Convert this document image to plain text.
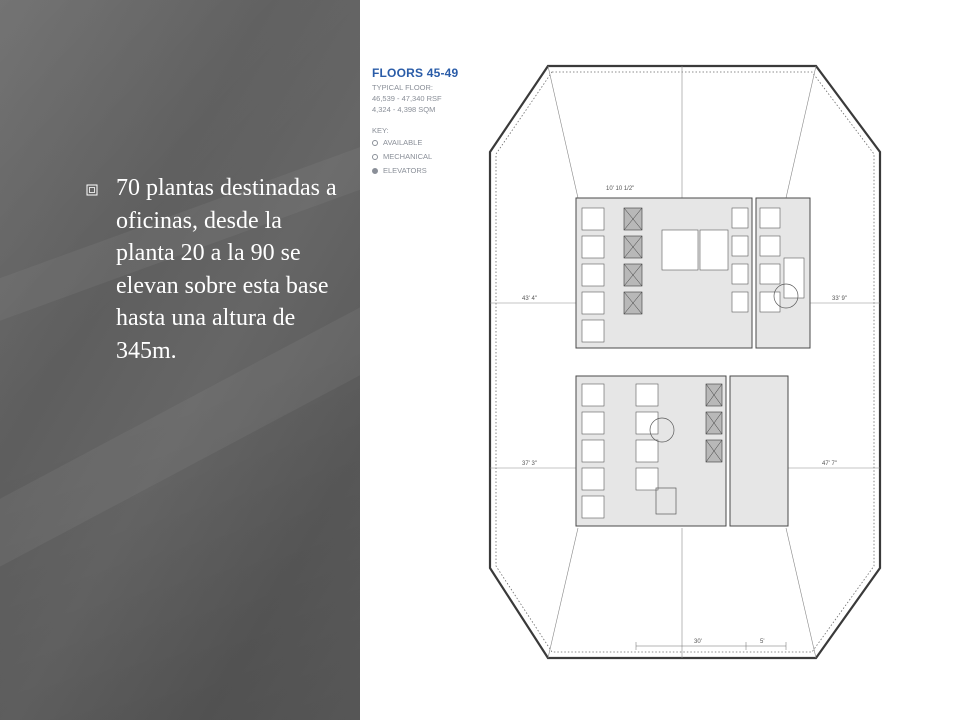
70 plantas destinadas a oficinas, desde la planta 20 a la 90 se elevan sobre esta base hasta una altura de 345m.
FLOORS 45-49
TYPICAL FLOOR:
46,539 - 47,340 RSF
4,324 - 4,398 SQM
KEY:
AVAILABLE
MECHANICAL
ELEVATORS
10' 10 1/2"
43' 4"	33' 9"
37' 3"	47' 7"
30'	5'
